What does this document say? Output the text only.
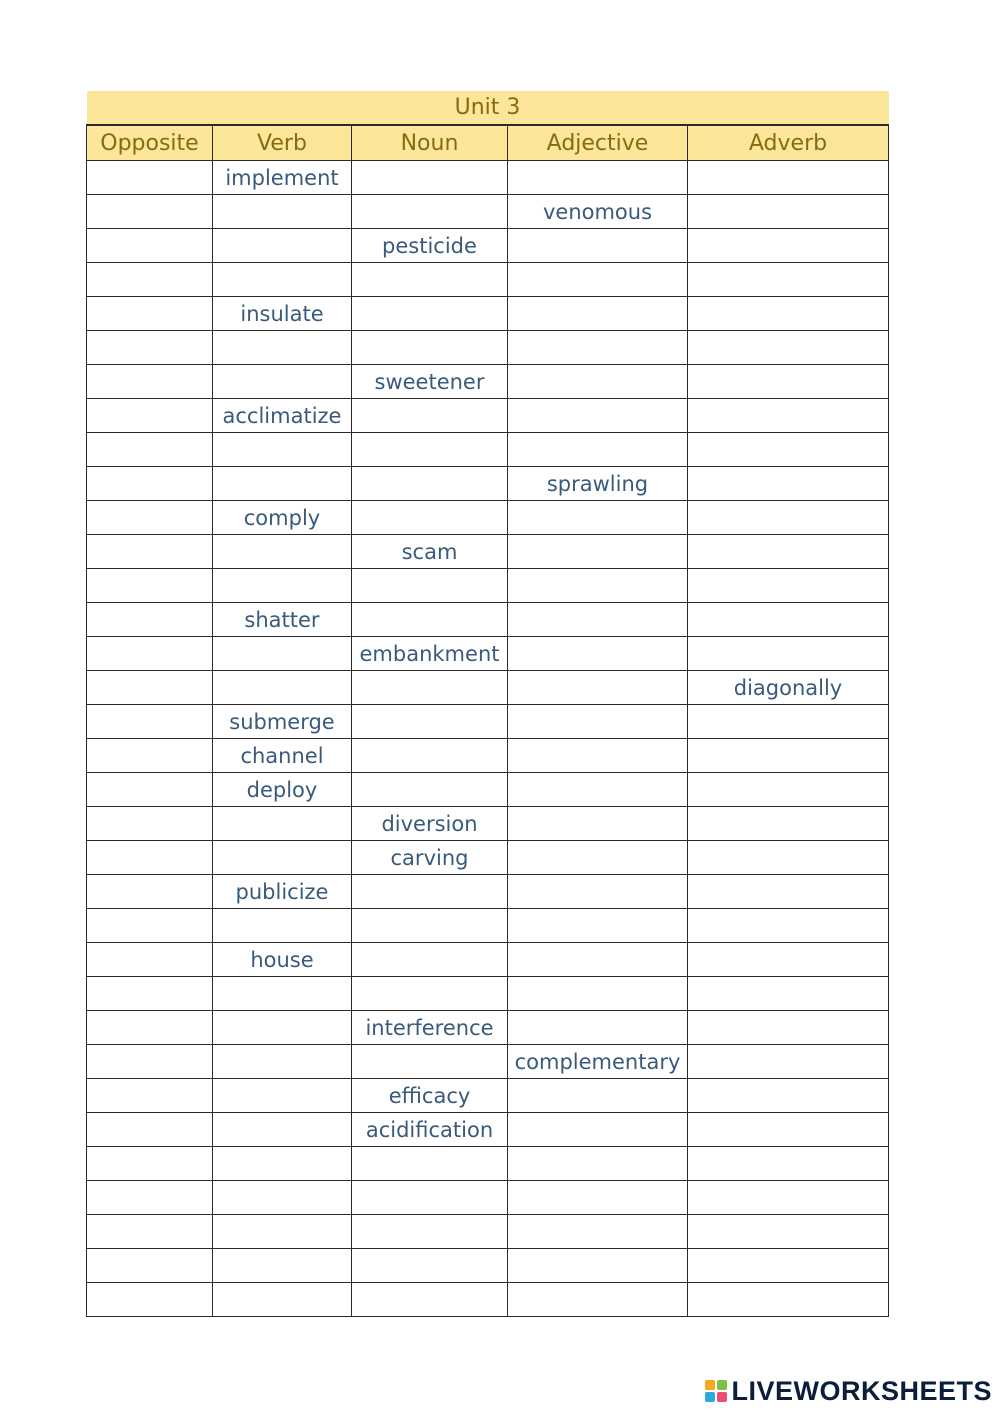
Unit 3				
Opposite	Verb	Noun	Adjective	Adverb
	implement			
			venomous	
		pesticide		

	insulate			

		sweetener		
	acclimatize			

			sprawling	
	comply			
		scam		

	shatter			
		embankment		
				diagonally
	submerge			
	channel			
	deploy			
		diversion		
		carving		
	publicize			

	house			

		interference		
			complementary	
		efficacy		
		acidification		

LIVEWORKSHEETS
